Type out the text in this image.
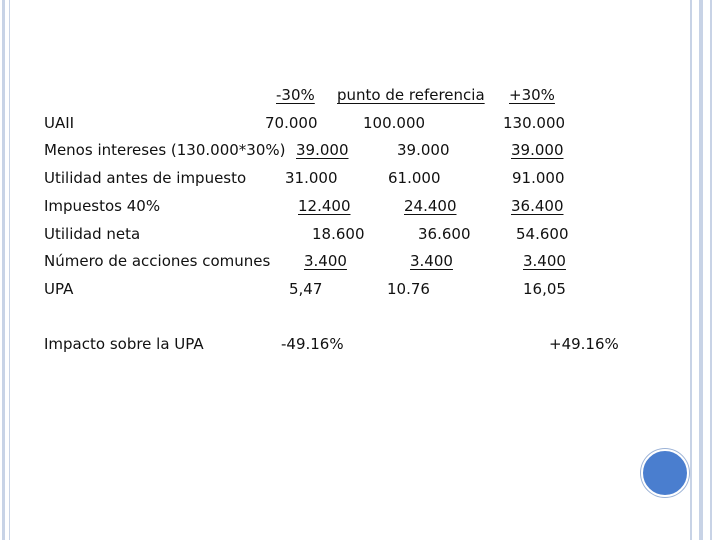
-30% punto de referencia +30%
UAII
Menos intereses (130.000*30%)
Utilidad antes de impuesto
Impuestos 40%
Utilidad neta
Número de acciones comunes
UPA
70.000
39.000
31.000
12.400
18.600
3.400
5,47
100.000
39.000
61.000
24.400
36.600
3.400
10.76
130.000
39.000
91.000
36.400
54.600
3.400
16,05
Impacto sobre la UPA	-49.16%	+49.16%
